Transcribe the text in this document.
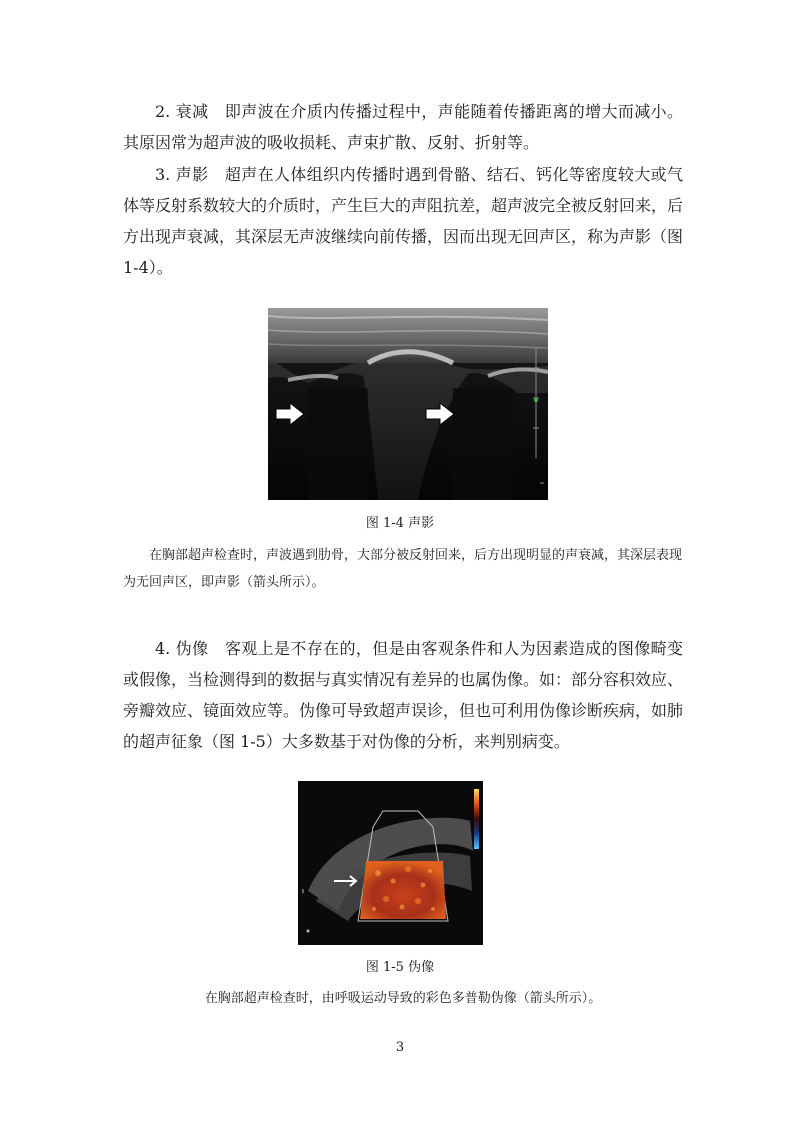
2. 衰减　即声波在介质内传播过程中，声能随着传播距离的增大而减小。其原因常为超声波的吸收损耗、声束扩散、反射、折射等。

3. 声影　超声在人体组织内传播时遇到骨骼、结石、钙化等密度较大或气体等反射系数较大的介质时，产生巨大的声阻抗差，超声波完全被反射回来，后方出现声衰减，其深层无声波继续向前传播，因而出现无回声区，称为声影（图 1-4）。

图 1-4 声影

在胸部超声检查时，声波遇到肋骨，大部分被反射回来，后方出现明显的声衰减，其深层表现为无回声区，即声影（箭头所示）。

4. 伪像　客观上是不存在的，但是由客观条件和人为因素造成的图像畸变或假像，当检测得到的数据与真实情况有差异的也属伪像。如：部分容积效应、旁瓣效应、镜面效应等。伪像可导致超声误诊，但也可利用伪像诊断疾病，如肺的超声征象（图 1-5）大多数基于对伪像的分析，来判别病变。

图 1-5 伪像

在胸部超声检查时，由呼吸运动导致的彩色多普勒伪像（箭头所示）。

3
